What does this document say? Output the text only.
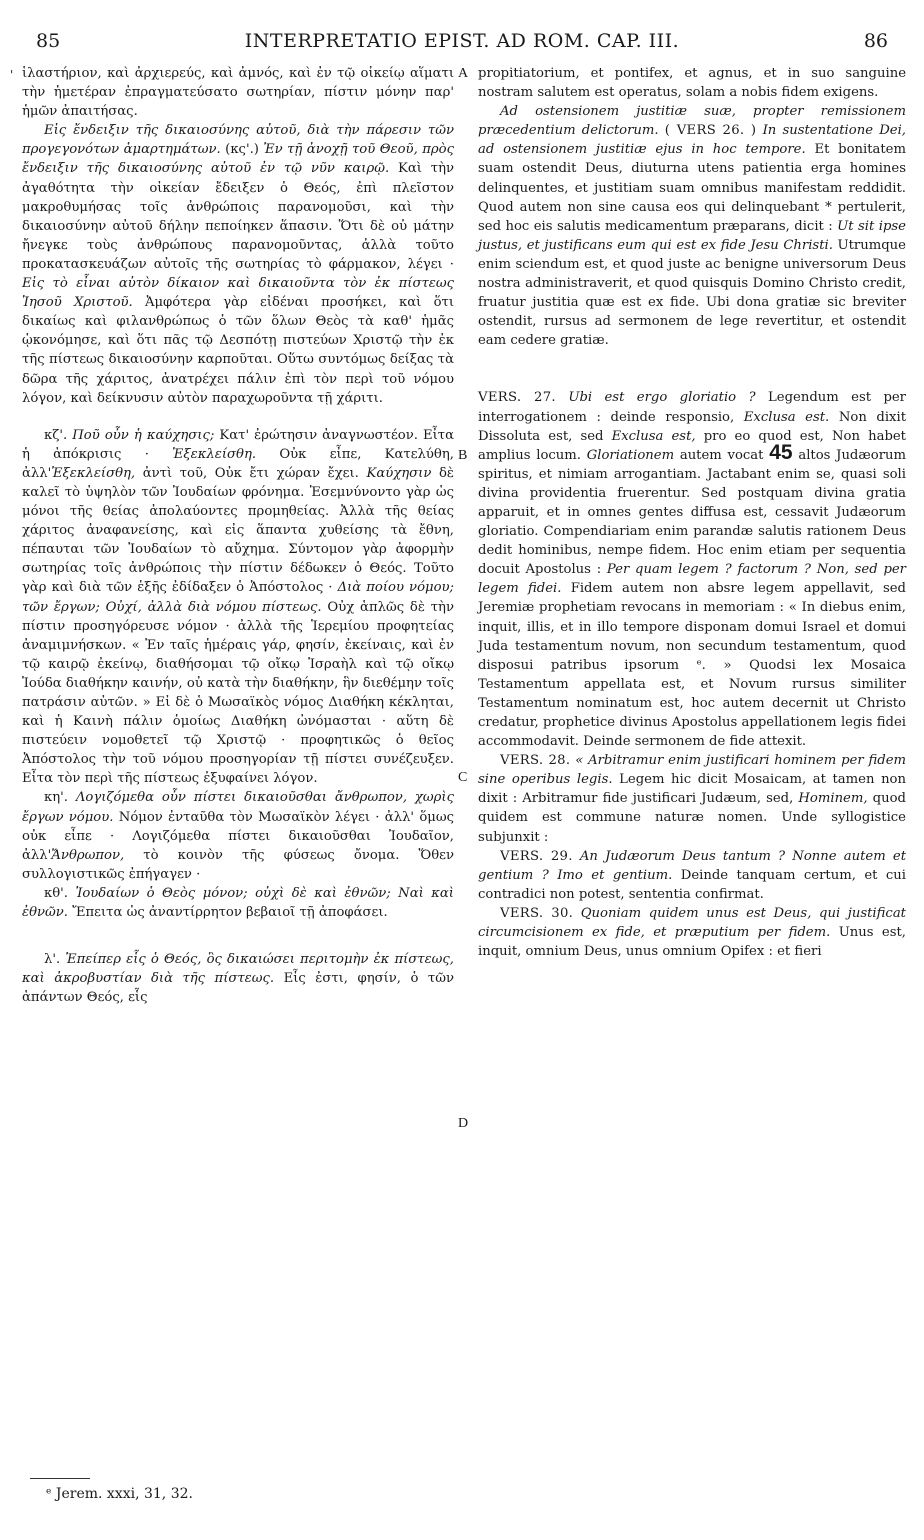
85	INTERPRETATIO EPIST. AD ROM. CAP. III.	86
' ἱλαστήριον, καὶ ἀρχιερεύς, καὶ ἀμνός, καὶ ἐν τῷ οἰκείῳ αἵματι τὴν ἡμετέραν ἐπραγματεύσατο σωτηρίαν, πίστιν μόνην παρ' ἡμῶν ἀπαιτήσας.

Εἰς ἔνδειξιν τῆς δικαιοσύνης αὐτοῦ, διὰ τὴν πάρεσιν τῶν προγεγονότων ἁμαρτημάτων. (κς'.) Ἐν τῇ ἀνοχῇ τοῦ Θεοῦ, πρὸς ἔνδειξιν τῆς δικαιοσύνης αὐτοῦ ἐν τῷ νῦν καιρῷ. Καὶ τὴν ἀγαθότητα τὴν οἰκείαν ἔδειξεν ὁ Θεός, ἐπὶ πλεῖστον μακροθυμήσας τοῖς ἀνθρώποις παρανομοῦσι, καὶ τὴν δικαιοσύνην αὐτοῦ δήλην πεποίηκεν ἅπασιν. Ὅτι δὲ οὐ μάτην ἤνεγκε τοὺς ἀνθρώπους παρανομοῦντας, ἀλλὰ τοῦτο προκατασκευάζων αὐτοῖς τῆς σωτηρίας τὸ φάρμακον, λέγει · Εἰς τὸ εἶναι αὐτὸν δίκαιον καὶ δικαιοῦντα τὸν ἐκ πίστεως Ἰησοῦ Χριστοῦ. Ἀμφότερα γὰρ εἰδέναι προσήκει, καὶ ὅτι δικαίως καὶ φιλανθρώπως ὁ τῶν ὅλων Θεὸς τὰ καθ' ἡμᾶς ᾠκονόμησε, καὶ ὅτι πᾶς τῷ Δεσπότῃ πιστεύων Χριστῷ τὴν ἐκ τῆς πίστεως δικαιοσύνην καρποῦται. Οὕτω συντόμως δείξας τὰ δῶρα τῆς χάριτος, ἀνατρέχει πάλιν ἐπὶ τὸν περὶ τοῦ νόμου λόγον, καὶ δείκνυσιν αὐτὸν παραχωροῦντα τῇ χάριτι.

κζ'. Ποῦ οὖν ἡ καύχησις; Κατ' ἐρώτησιν ἀναγνωστέον. Εἶτα ἡ ἀπόκρισις · Ἐξεκλείσθη. Οὐκ εἶπε, Κατελύθη, ἀλλ'Ἐξεκλείσθη, ἀντὶ τοῦ, Οὐκ ἔτι χώραν ἔχει. Καύχησιν δὲ καλεῖ τὸ ὑψηλὸν τῶν Ἰουδαίων φρόνημα. Ἐσεμνύνοντο γὰρ ὡς μόνοι τῆς θείας ἀπολαύοντες προμηθείας. Ἀλλὰ τῆς θείας χάριτος ἀναφανείσης, καὶ εἰς ἅπαντα χυθείσης τὰ ἔθνη, πέπαυται τῶν Ἰουδαίων τὸ αὔχημα. Σύντομον γὰρ ἀφορμὴν σωτηρίας τοῖς ἀνθρώποις τὴν πίστιν δέδωκεν ὁ Θεός. Τοῦτο γὰρ καὶ διὰ τῶν ἑξῆς ἐδίδαξεν ὁ Ἀπόστολος · Διὰ ποίου νόμου; τῶν ἔργων; Οὐχί, ἀλλὰ διὰ νόμου πίστεως. Οὐχ ἁπλῶς δὲ τὴν πίστιν προσηγόρευσε νόμον · ἀλλὰ τῆς Ἱερεμίου προφητείας ἀναμιμνήσκων. « Ἐν ταῖς ἡμέραις γάρ, φησίν, ἐκείναις, καὶ ἐν τῷ καιρῷ ἐκείνῳ, διαθήσομαι τῷ οἴκῳ Ἰσραὴλ καὶ τῷ οἴκῳ Ἰούδα διαθήκην καινήν, οὐ κατὰ τὴν διαθήκην, ἣν διεθέμην τοῖς πατράσιν αὐτῶν. » Εἰ δὲ ὁ Μωσαϊκὸς νόμος Διαθήκη κέκληται, καὶ ἡ Καινὴ πάλιν ὁμοίως Διαθήκη ὠνόμασται · αὕτη δὲ πιστεύειν νομοθετεῖ τῷ Χριστῷ · προφητικῶς ὁ θεῖος Ἀπόστολος τὴν τοῦ νόμου προσηγορίαν τῇ πίστει συνέζευξεν. Εἶτα τὸν περὶ τῆς πίστεως ἐξυφαίνει λόγον.

κη'. Λογιζόμεθα οὖν πίστει δικαιοῦσθαι ἄνθρωπον, χωρὶς ἔργων νόμου. Νόμον ἐνταῦθα τὸν Μωσαϊκὸν λέγει · ἀλλ' ὅμως οὐκ εἶπε · Λογιζόμεθα πίστει δικαιοῦσθαι Ἰουδαῖον, ἀλλ'Ἄνθρωπον, τὸ κοινὸν τῆς φύσεως ὄνομα. Ὅθεν συλλογιστικῶς ἐπήγαγεν ·

κθ'. Ἰουδαίων ὁ Θεὸς μόνον; οὐχὶ δὲ καὶ ἐθνῶν; Ναὶ καὶ ἐθνῶν. Ἔπειτα ὡς ἀναντίρρητον βεβαιοῖ τῇ ἀποφάσει.

λ'. Ἐπείπερ εἷς ὁ Θεός, ὃς δικαιώσει περιτομὴν ἐκ πίστεως, καὶ ἀκροβυστίαν διὰ τῆς πίστεως. Εἷς ἐστι, φησίν, ὁ τῶν ἁπάντων Θεός, εἷς

A
B
C
D

propitiatorium, et pontifex, et agnus, et in suo sanguine nostram salutem est operatus, solam a nobis fidem exigens.

Ad ostensionem justitiæ suæ, propter remissionem præcedentium delictorum. ( VERS 26. ) In sustentatione Dei, ad ostensionem justitiæ ejus in hoc tempore. Et bonitatem suam ostendit Deus, diuturna utens patientia erga homines delinquentes, et justitiam suam omnibus manifestam reddidit. Quod autem non sine causa eos qui delinquebant * pertulerit, sed hoc eis salutis medicamentum præparans, dicit : Ut sit ipse justus, et justificans eum qui est ex fide Jesu Christi. Utrumque enim sciendum est, et quod juste ac benigne universorum Deus nostra administraverit, et quod quisquis Domino Christo credit, fruatur justitia quæ est ex fide. Ubi dona gratiæ sic breviter ostendit, rursus ad sermonem de lege revertitur, et ostendit eam cedere gratiæ.

VERS. 27. Ubi est ergo gloriatio ? Legendum est per interrogationem : deinde responsio, Exclusa est. Non dixit Dissoluta est, sed Exclusa est, pro eo quod est, Non habet amplius locum. Gloriationem autem vocat 45 altos Judæorum spiritus, et nimiam arrogantiam. Jactabant enim se, quasi soli divina providentia fruerentur. Sed postquam divina gratia apparuit, et in omnes gentes diffusa est, cessavit Judæorum gloriatio. Compendiariam enim parandæ salutis rationem Deus dedit hominibus, nempe fidem. Hoc enim etiam per sequentia docuit Apostolus : Per quam legem ? factorum ? Non, sed per legem fidei. Fidem autem non absre legem appellavit, sed Jeremiæ prophetiam revocans in memoriam : « In diebus enim, inquit, illis, et in illo tempore disponam domui Israel et domui Juda testamentum novum, non secundum testamentum, quod disposui patribus ipsorum ᵉ. » Quodsi lex Mosaica Testamentum appellata est, et Novum rursus similiter Testamentum nominatum est, hoc autem decernit ut Christo credatur, prophetice divinus Apostolus appellationem legis fidei accommodavit. Deinde sermonem de fide attexit.

VERS. 28. « Arbitramur enim justificari hominem per fidem sine operibus legis. Legem hic dicit Mosaicam, at tamen non dixit : Arbitramur fide justificari Judæum, sed, Hominem, quod quidem est commune naturæ nomen. Unde syllogistice subjunxit :

VERS. 29. An Judæorum Deus tantum ? Nonne autem et gentium ? Imo et gentium. Deinde tanquam certum, et cui contradici non potest, sententia confirmat.

VERS. 30. Quoniam quidem unus est Deus, qui justificat circumcisionem ex fide, et præputium per fidem. Unus est, inquit, omnium Deus, unus omnium Opifex : et fieri

ᵉ Jerem. xxxi, 31, 32.
